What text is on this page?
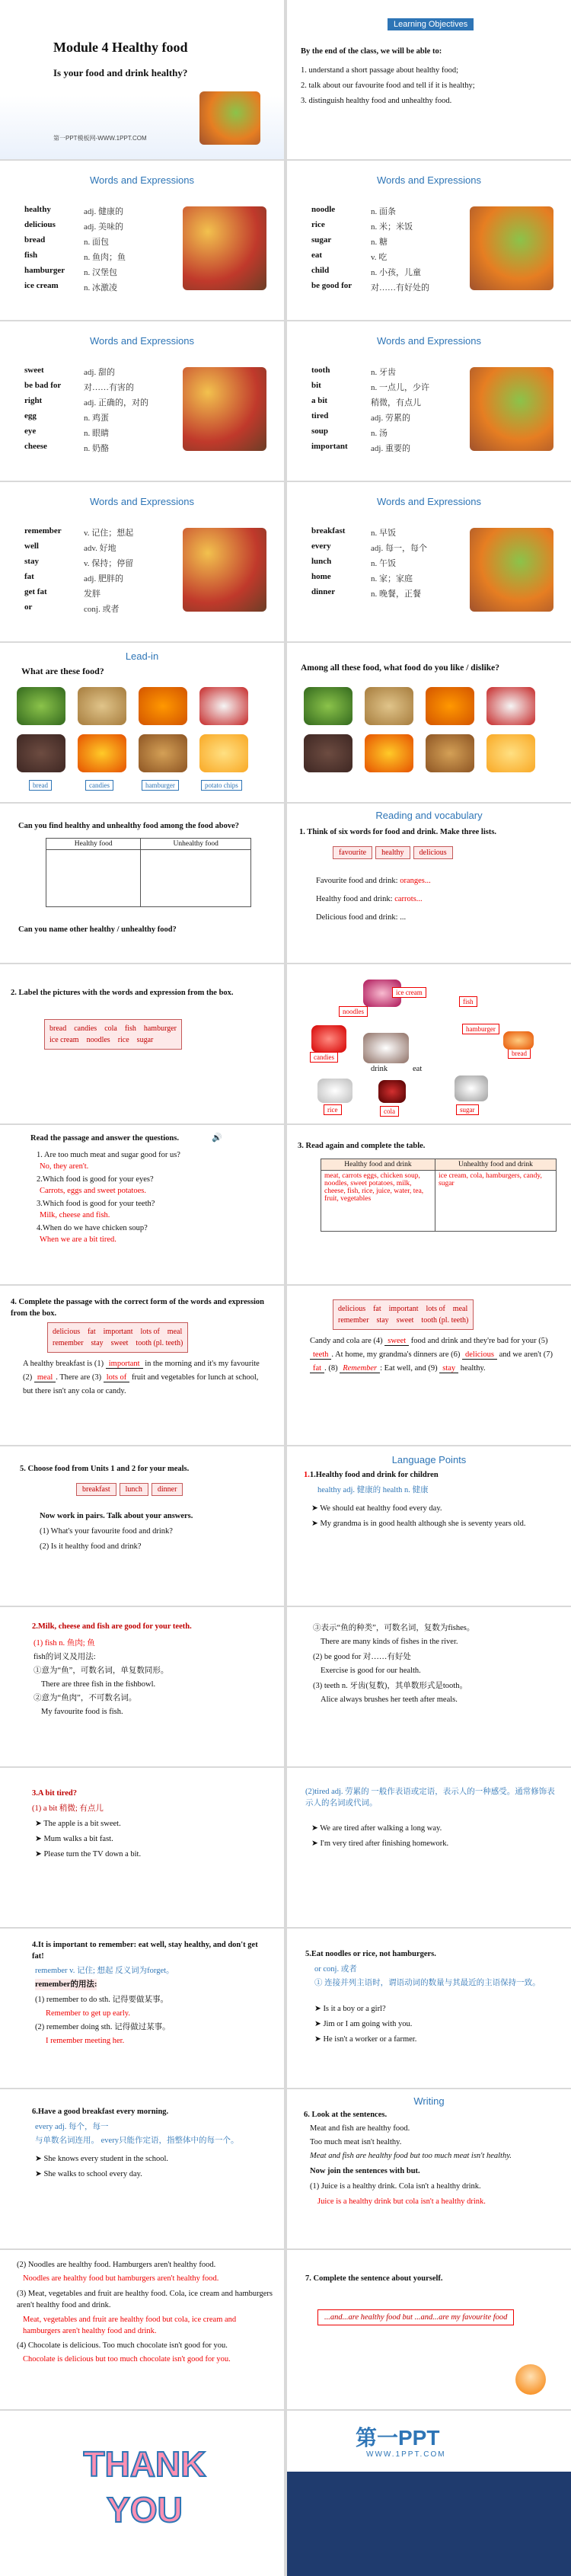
Module 4 Healthy food
Is your food and drink healthy?
第一PPT模板网-WWW.1PPT.COM
Learning Objectives
By the end of the class, we will be able to:
1. understand a short passage about healthy food;
2. talk about our favourite food and tell if it is healthy;
3. distinguish healthy food and unhealthy food.
Words and Expressions
healthy	adj. 健康的
delicious	adj. 美味的
bread	n. 面包
fish	n. 鱼肉；鱼
hamburger	n. 汉堡包
ice cream	n. 冰激凌
Words and Expressions
noodle	n. 面条
rice	n. 米；米饭
sugar	n. 糖
eat	v. 吃
child	n. 小孩，儿童
be good for	对……有好处的
Words and Expressions
sweet	adj. 甜的
be bad for	对……有害的
right	adj. 正确的，对的
egg	n. 鸡蛋
eye	n. 眼睛
cheese	n. 奶酪
Words and Expressions
tooth	n. 牙齿
bit	n. 一点儿，少许
a bit	稍微，有点儿
tired	adj. 劳累的
soup	n. 汤
important	adj. 重要的
Words and Expressions
remember	v. 记住；想起
well	adv. 好地
stay	v. 保持；停留
fat	adj. 肥胖的
get fat	发胖
or	conj. 或者
Words and Expressions
breakfast	n. 早饭
every	adj. 每一，每个
lunch	n. 午饭
home	n. 家；家庭
dinner	n. 晚餐，正餐
Lead-in
What are these food?
bread	candies	hamburger	potato chips
Among all these food, what food do you like / dislike?
Can you find healthy and unhealthy food among the food above?
Healthy food	Unhealthy food

Can you name other healthy / unhealthy food?
Reading and vocabulary
1. Think of six words for food and drink. Make three lists.
favourite	healthy	delicious
Favourite food and drink: oranges...
Healthy food and drink: carrots...
Delicious food and drink: ...
2. Label the pictures with the words and expression from the box.
bread    candies    cola    fish    hamburger
ice cream    noodles    rice    sugar
ice cream
fish
noodles
hamburger
candies
drink	eat
bread
rice	cola	sugar
Read the passage and answer the questions.	🔊
1. Are too much meat and sugar good for us?
No, they aren't.
2.Which food is good for your eyes?
Carrots, eggs and sweet potatoes.
3.Which food is good for your teeth?
Milk, cheese and fish.
4.When do we have chicken soup?
When we are a bit tired.
3. Read again and complete the table.
Healthy food and drink	Unhealthy food and drink
meat, carrots eggs, chicken soup, noodles, sweet potatoes, milk, cheese, fish, rice, juice, water, tea, fruit, vegetables	ice cream, cola, hamburgers, candy, sugar
4. Complete the passage with the correct form of the words and expression from the box.
delicious    fat    important    lots of    meal
remember    stay    sweet    tooth (pl. teeth)
A healthy breakfast is (1) important in the morning and it's my favourite (2) meal . There are (3) lots of fruit and vegetables for lunch at school, but there isn't any cola or candy.
delicious    fat    important    lots of    meal
remember    stay    sweet    tooth (pl. teeth)
Candy and cola are (4) sweet food and drink and they're bad for your (5) teeth . At home, my grandma's dinners are (6) delicious and we aren't (7) fat . (8) Remember : Eat well, and (9) stay healthy.
5. Choose food from Units 1 and 2 for your meals.
breakfast	lunch	dinner
Now work in pairs. Talk about your answers.
(1) What's your favourite food and drink?
(2) Is it healthy food and drink?
Language Points
1.1.Healthy food and drink for children
healthy adj. 健康的 health n. 健康
➤ We should eat healthy food every day.
➤ My grandma is in good health although she is seventy years old.
2.Milk, cheese and fish are good for your teeth.
(1) fish n. 鱼肉; 鱼
fish的词义及用法:
①意为“鱼”，可数名词，单复数同形。
There are three fish in the fishbowl.
②意为“鱼肉”，不可数名词。
My favourite food is fish.
③表示“鱼的种类”，可数名词，复数为fishes。
There are many kinds of fishes in the river.
(2) be good for 对……有好处
Exercise is good for our health.
(3) teeth n. 牙齿(复数)，其单数形式是tooth。
Alice always brushes her teeth after meals.
3.A bit tired?
(1) a bit 稍微; 有点儿
➤ The apple is a bit sweet.
➤ Mum walks a bit fast.
➤ Please turn the TV down a bit.
(2)tired adj. 劳累的 一般作表语或定语，表示人的一种感受。通常修饰表示人的名词或代词。
➤ We are tired after walking a long way.
➤ I'm very tired after finishing homework.
4.It is important to remember: eat well, stay healthy, and don't get fat!
remember v. 记住; 想起 反义词为forget。
remember的用法:
(1) remember to do sth. 记得要做某事。
Remember to get up early.
(2) remember doing sth. 记得做过某事。
I remember meeting her.
5.Eat noodles or rice, not hamburgers.
or conj. 或者
① 连接并列主语时，谓语动词的数量与其最近的主语保持一致。
➤ Is it a boy or a girl?
➤ Jim or I am going with you.
➤ He isn't a worker or a farmer.
6.Have a good breakfast every morning.
every adj. 每个，每一
与单数名词连用。 every只能作定语，指整体中的每一个。
➤ She knows every student in the school.
➤ She walks to school every day.
Writing
6. Look at the sentences.
Meat and fish are healthy food.
Too much meat isn't healthy.
Meat and fish are healthy food but too much meat isn't healthy.
Now join the sentences with but.
(1) Juice is a healthy drink. Cola isn't a healthy drink.
Juice is a healthy drink but cola isn't a healthy drink.
(2) Noodles are healthy food. Hamburgers aren't healthy food.
Noodles are healthy food but hamburgers aren't healthy food.
(3) Meat, vegetables and fruit are healthy food. Cola, ice cream and hamburgers aren't healthy food and drink.
Meat, vegetables and fruit are healthy food but cola, ice cream and hamburgers aren't healthy food and drink.
(4) Chocolate is delicious. Too much chocolate isn't good for you.
Chocolate is delicious but too much chocolate isn't good for you.
7. Complete the sentence about yourself.
...and...are healthy food but ...and...are my favourite food
THANK YOU
第一PPT
WWW.1PPT.COM
